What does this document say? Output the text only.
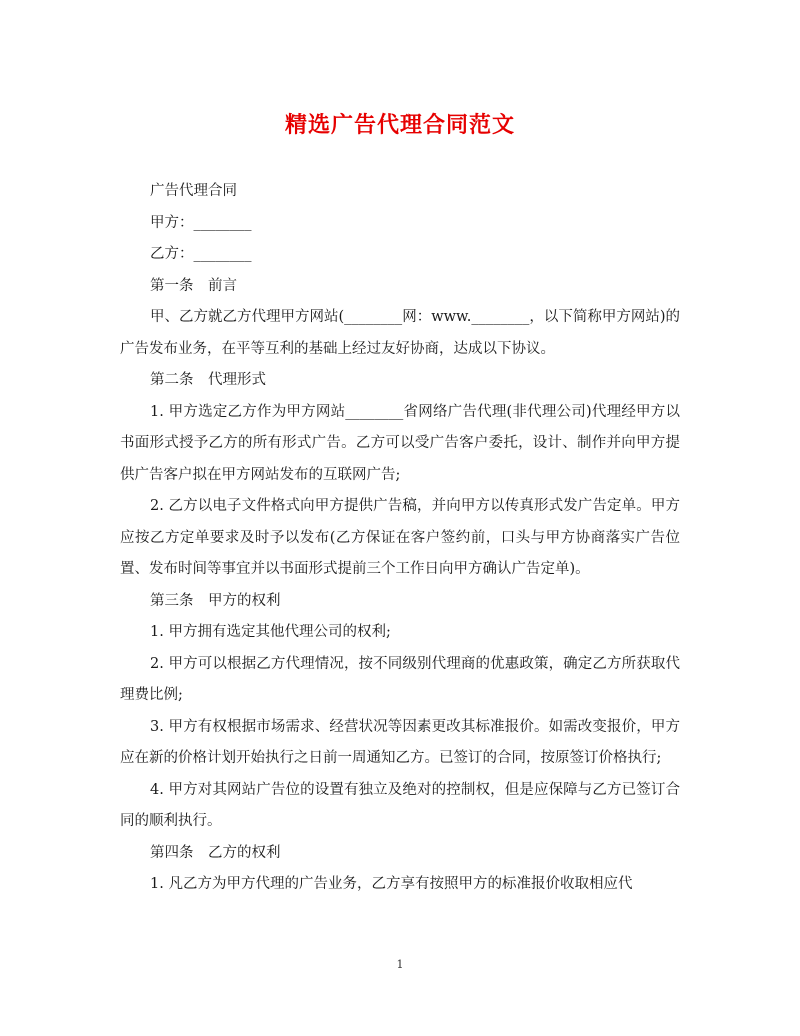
精选广告代理合同范文

广告代理合同

甲方：________

乙方：________

第一条　前言

甲、乙方就乙方代理甲方网站(________网：www.________，以下简称甲方网站)的广告发布业务，在平等互利的基础上经过友好协商，达成以下协议。

第二条　代理形式

1. 甲方选定乙方作为甲方网站________省网络广告代理(非代理公司)代理经甲方以书面形式授予乙方的所有形式广告。乙方可以受广告客户委托，设计、制作并向甲方提供广告客户拟在甲方网站发布的互联网广告;

2. 乙方以电子文件格式向甲方提供广告稿，并向甲方以传真形式发广告定单。甲方应按乙方定单要求及时予以发布(乙方保证在客户签约前，口头与甲方协商落实广告位置、发布时间等事宜并以书面形式提前三个工作日向甲方确认广告定单)。

第三条　甲方的权利

1. 甲方拥有选定其他代理公司的权利;

2. 甲方可以根据乙方代理情况，按不同级别代理商的优惠政策，确定乙方所获取代理费比例;

3. 甲方有权根据市场需求、经营状况等因素更改其标准报价。如需改变报价，甲方应在新的价格计划开始执行之日前一周通知乙方。已签订的合同，按原签订价格执行;

4. 甲方对其网站广告位的设置有独立及绝对的控制权，但是应保障与乙方已签订合同的顺利执行。

第四条　乙方的权利

1. 凡乙方为甲方代理的广告业务，乙方享有按照甲方的标准报价收取相应代

1
